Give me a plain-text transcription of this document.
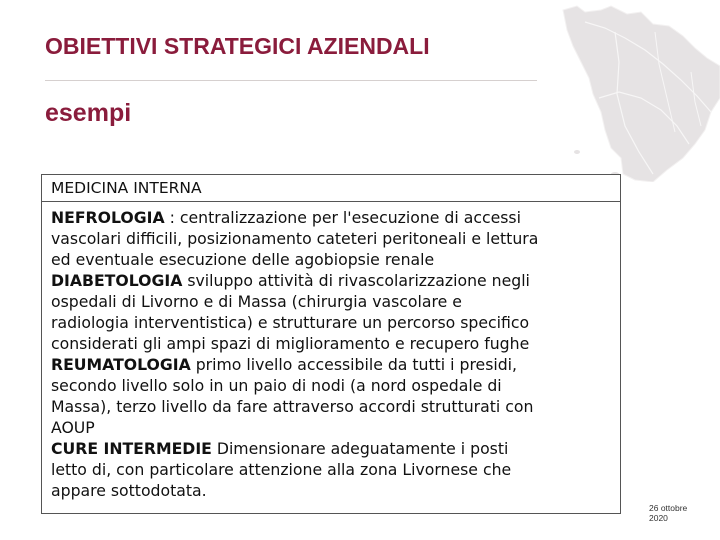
OBIETTIVI STRATEGICI AZIENDALI
esempi
MEDICINA INTERNA

NEFROLOGIA : centralizzazione per l'esecuzione di accessi

vascolari difficili, posizionamento cateteri peritoneali e lettura

ed eventuale esecuzione delle agobiopsie renale

DIABETOLOGIA sviluppo attività di rivascolarizzazione negli

ospedali di Livorno e di Massa (chirurgia vascolare e

radiologia interventistica) e strutturare un percorso specifico

considerati gli ampi spazi di miglioramento e recupero fughe

REUMATOLOGIA primo livello accessibile da tutti i presidi,

secondo livello solo in un paio di nodi (a nord ospedale di

Massa), terzo livello da fare attraverso accordi strutturati con

AOUP

CURE INTERMEDIE Dimensionare adeguatamente i posti

letto di, con particolare attenzione alla zona Livornese che

appare sottodotata.

26 ottobre
2020
